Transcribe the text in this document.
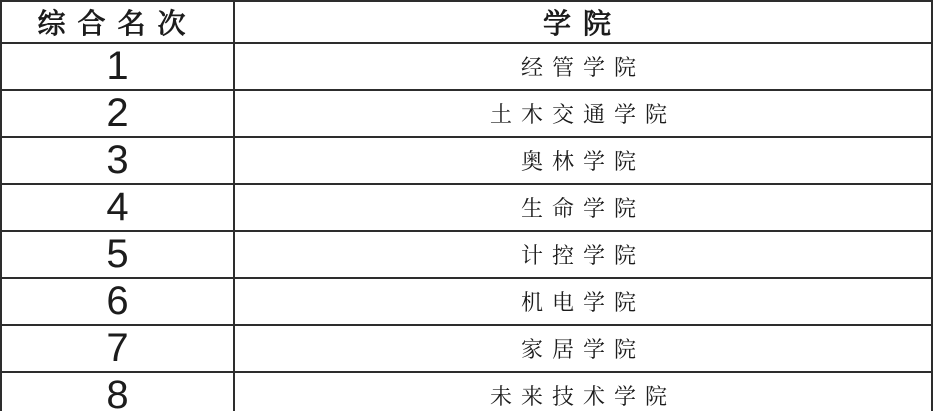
综合名次	学院
1	经管学院
2	土木交通学院
3	奥林学院
4	生命学院
5	计控学院
6	机电学院
7	家居学院
8	未来技术学院
